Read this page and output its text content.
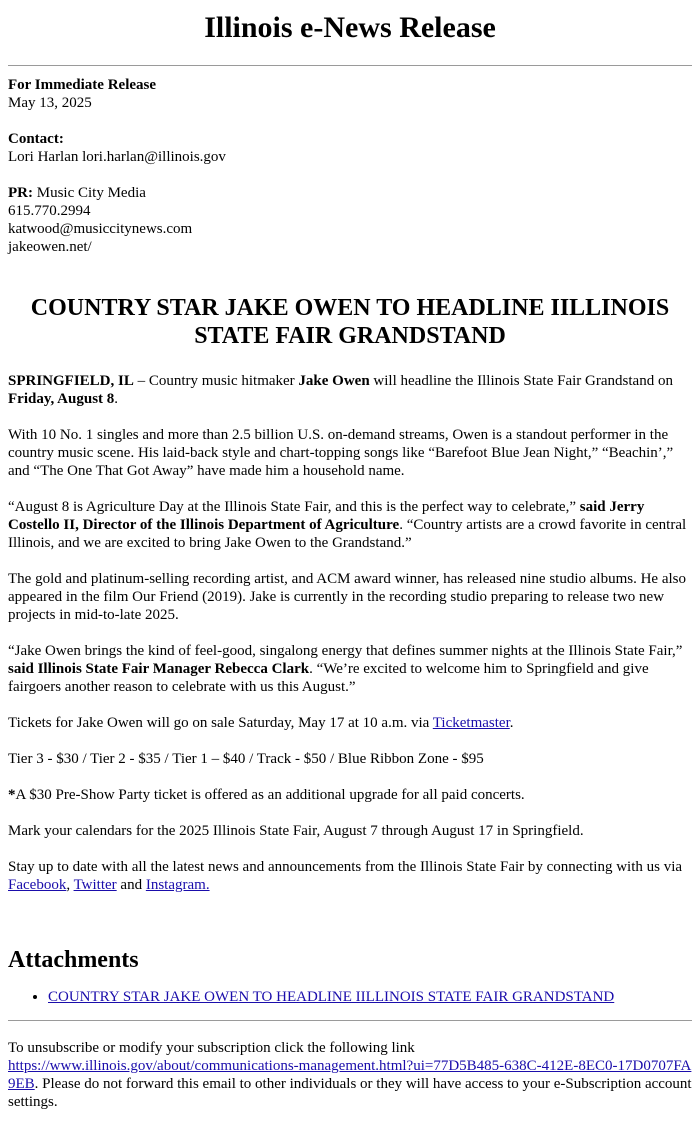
Illinois e-News Release
For Immediate Release
May 13, 2025
Contact:
Lori Harlan lori.harlan@illinois.gov
PR: Music City Media
615.770.2994
katwood@musiccitynews.com
jakeowen.net/
COUNTRY STAR JAKE OWEN TO HEADLINE IILLINOIS STATE FAIR GRANDSTAND

SPRINGFIELD, IL – Country music hitmaker Jake Owen will headline the Illinois State Fair Grandstand on Friday, August 8.

With 10 No. 1 singles and more than 2.5 billion U.S. on-demand streams, Owen is a standout performer in the country music scene. His laid-back style and chart-topping songs like “Barefoot Blue Jean Night,” “Beachin’,” and “The One That Got Away” have made him a household name.

“August 8 is Agriculture Day at the Illinois State Fair, and this is the perfect way to celebrate,” said Jerry Costello II, Director of the Illinois Department of Agriculture. “Country artists are a crowd favorite in central Illinois, and we are excited to bring Jake Owen to the Grandstand.”

The gold and platinum-selling recording artist, and ACM award winner, has released nine studio albums. He also appeared in the film Our Friend (2019). Jake is currently in the recording studio preparing to release two new projects in mid-to-late 2025.

“Jake Owen brings the kind of feel-good, singalong energy that defines summer nights at the Illinois State Fair,” said Illinois State Fair Manager Rebecca Clark. “We’re excited to welcome him to Springfield and give fairgoers another reason to celebrate with us this August.”

Tickets for Jake Owen will go on sale Saturday, May 17 at 10 a.m. via Ticketmaster.

Tier 3 - $30 / Tier 2 - $35 / Tier 1 – $40 / Track - $50 / Blue Ribbon Zone - $95

*A $30 Pre-Show Party ticket is offered as an additional upgrade for all paid concerts.

Mark your calendars for the 2025 Illinois State Fair, August 7 through August 17 in Springfield.

Stay up to date with all the latest news and announcements from the Illinois State Fair by connecting with us via Facebook, Twitter and Instagram.

Attachments
• COUNTRY STAR JAKE OWEN TO HEADLINE IILLINOIS STATE FAIR GRANDSTAND
To unsubscribe or modify your subscription click the following link
https://www.illinois.gov/about/communications-management.html?ui=77D5B485-638C-412E-8EC0-17D0707FA9EB. Please do not forward this email to other individuals or they will have access to your e-Subscription account settings.
